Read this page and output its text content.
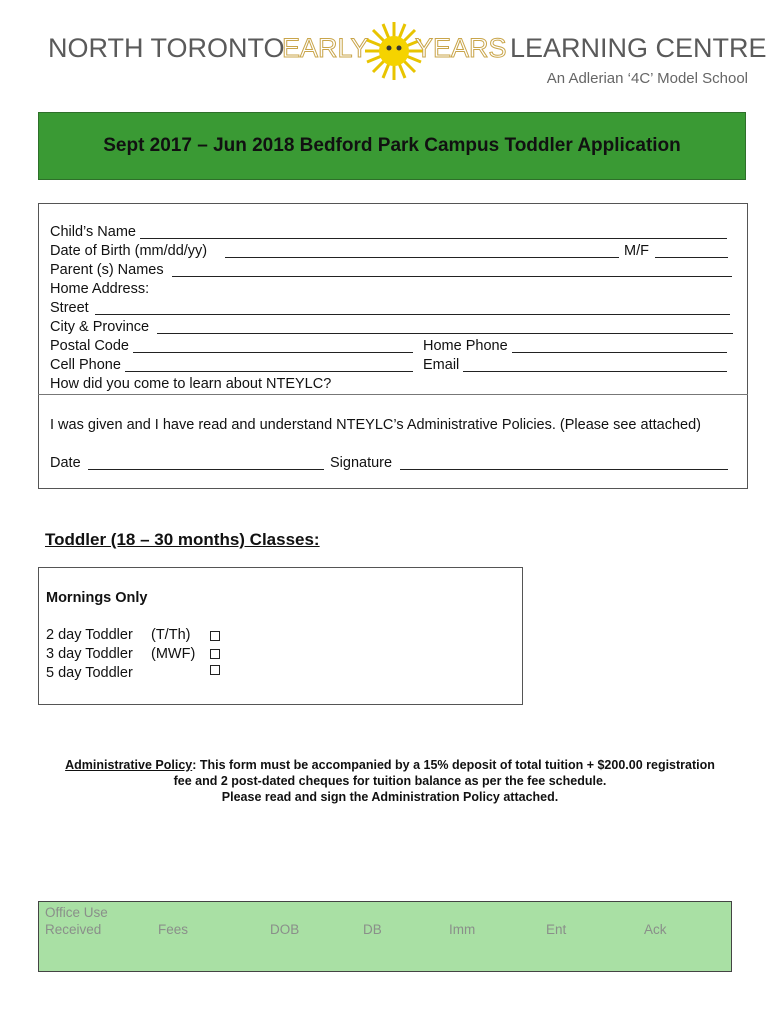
NORTH TORONTO
EARLY YEARS LEARNING CENTRE
An Adlerian ‘4C’ Model School
Sept 2017 – Jun 2018 Bedford Park Campus Toddler Application
Child’s Name
Date of Birth (mm/dd/yy)	M/F
Parent (s) Names
Home Address:
Street
City & Province
Postal Code	Home Phone
Cell Phone	Email
How did you come to learn about NTEYLC?
I was given and I have read and understand NTEYLC’s Administrative Policies. (Please see attached)
Date	Signature
Toddler (18 – 30 months) Classes:
Mornings Only
2 day Toddler (T/Th)
3 day Toddler (MWF)
5 day Toddler
Administrative Policy: This form must be accompanied by a 15% deposit of total tuition + $200.00 registration
fee and 2 post-dated cheques for tuition balance as per the fee schedule.
Please read and sign the Administration Policy attached.
Office Use
Received	Fees	DOB	DB	Imm	Ent	Ack
